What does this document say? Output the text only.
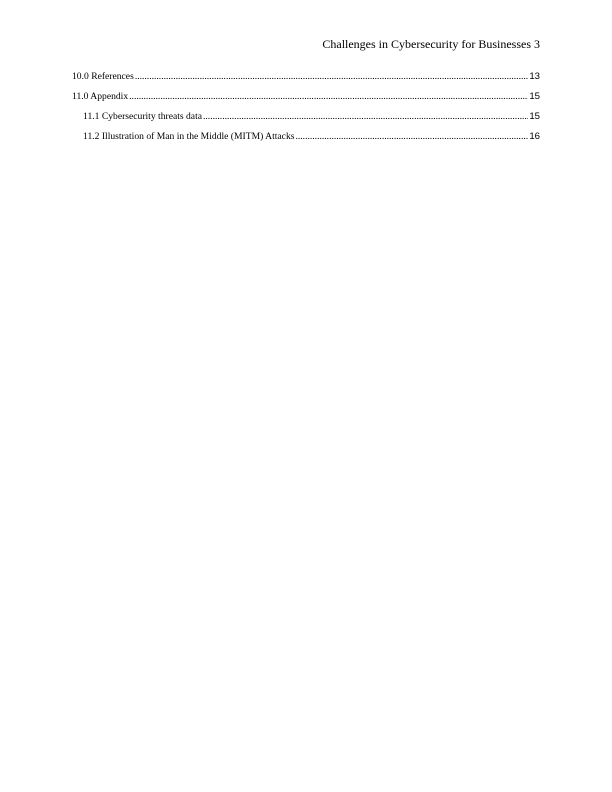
Challenges in Cybersecurity for Businesses 3
10.0 References .....	13
11.0 Appendix .....	15
11.1 Cybersecurity threats data .....	15
11.2 Illustration of Man in the Middle (MITM) Attacks .....	16
